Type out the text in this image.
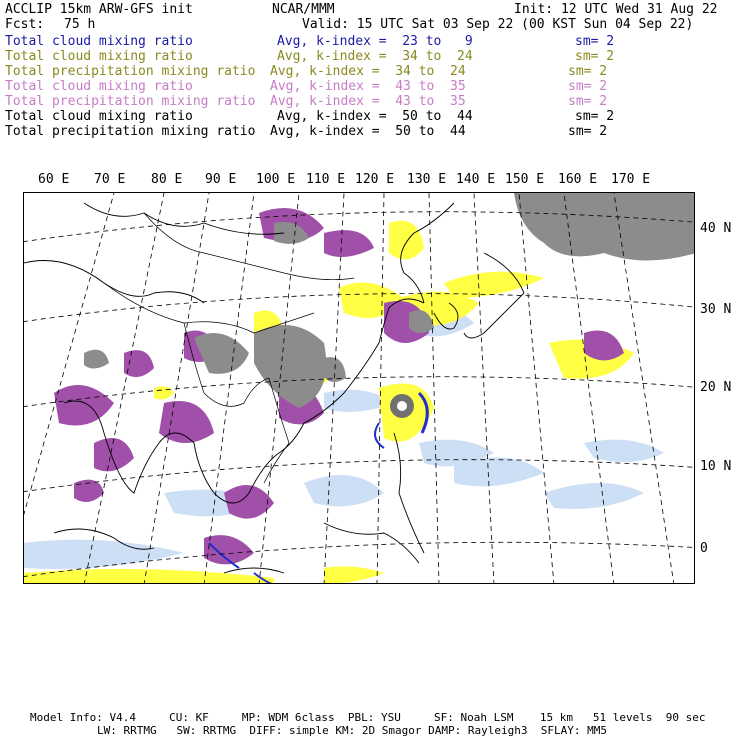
ACCLIP 15km ARW-GFS init	NCAR/MMM	Init: 12 UTC Wed 31 Aug 22
Fcst: 75 h	Valid: 15 UTC Sat 03 Sep 22 (00 KST Sun 04 Sep 22)
Total cloud mixing ratio	Avg, k-index =  23 to   9	sm= 2
Total cloud mixing ratio	Avg, k-index =  34 to  24	sm= 2
Total precipitation mixing ratio Avg, k-index =  34 to  24	sm= 2
Total cloud mixing ratio	Avg, k-index =  43 to  35	sm= 2
Total precipitation mixing ratio Avg, k-index =  43 to  35	sm= 2
Total cloud mixing ratio	Avg, k-index =  50 to  44	sm= 2
Total precipitation mixing ratio Avg, k-index =  50 to  44	sm= 2
60 E 70 E 80 E 90 E 100 E 110 E 120 E 130 E 140 E 150 E 160 E 170 E
40 N
30 N
20 N
10 N
0
Model Info: V4.4     CU: KF     MP: WDM 6class  PBL: YSU     SF: Noah LSM    15 km   51 levels  90 sec
LW: RRTMG   SW: RRTMG  DIFF: simple KM: 2D Smagor DAMP: Rayleigh3  SFLAY: MM5
